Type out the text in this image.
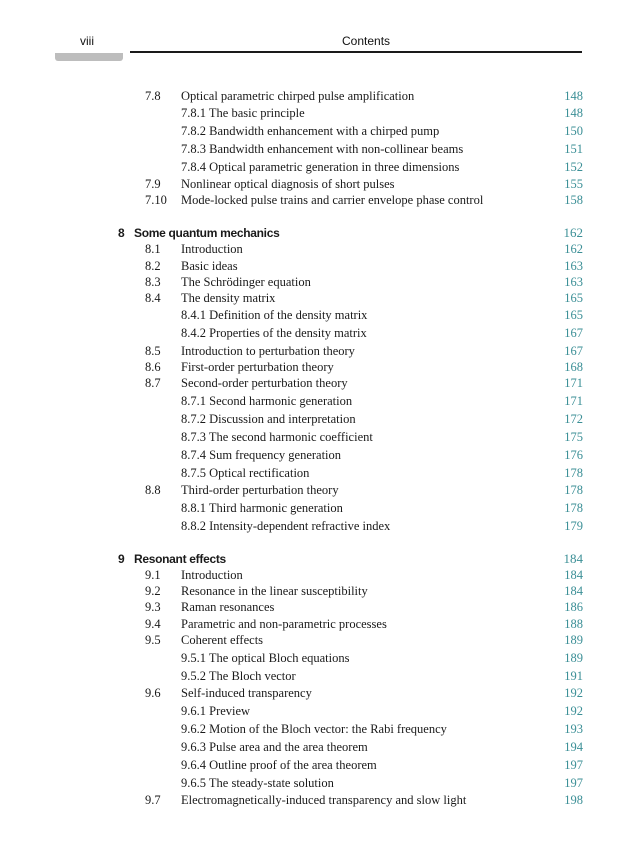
viii	Contents
7.8 Optical parametric chirped pulse amplification	148
7.8.1 The basic principle	148
7.8.2 Bandwidth enhancement with a chirped pump	150
7.8.3 Bandwidth enhancement with non-collinear beams	151
7.8.4 Optical parametric generation in three dimensions	152
7.9 Nonlinear optical diagnosis of short pulses	155
7.10 Mode-locked pulse trains and carrier envelope phase control	158
8 Some quantum mechanics	162
8.1 Introduction	162
8.2 Basic ideas	163
8.3 The Schrödinger equation	163
8.4 The density matrix	165
8.4.1 Definition of the density matrix	165
8.4.2 Properties of the density matrix	167
8.5 Introduction to perturbation theory	167
8.6 First-order perturbation theory	168
8.7 Second-order perturbation theory	171
8.7.1 Second harmonic generation	171
8.7.2 Discussion and interpretation	172
8.7.3 The second harmonic coefficient	175
8.7.4 Sum frequency generation	176
8.7.5 Optical rectification	178
8.8 Third-order perturbation theory	178
8.8.1 Third harmonic generation	178
8.8.2 Intensity-dependent refractive index	179
9 Resonant effects	184
9.1 Introduction	184
9.2 Resonance in the linear susceptibility	184
9.3 Raman resonances	186
9.4 Parametric and non-parametric processes	188
9.5 Coherent effects	189
9.5.1 The optical Bloch equations	189
9.5.2 The Bloch vector	191
9.6 Self-induced transparency	192
9.6.1 Preview	192
9.6.2 Motion of the Bloch vector: the Rabi frequency	193
9.6.3 Pulse area and the area theorem	194
9.6.4 Outline proof of the area theorem	197
9.6.5 The steady-state solution	197
9.7 Electromagnetically-induced transparency and slow light	198
